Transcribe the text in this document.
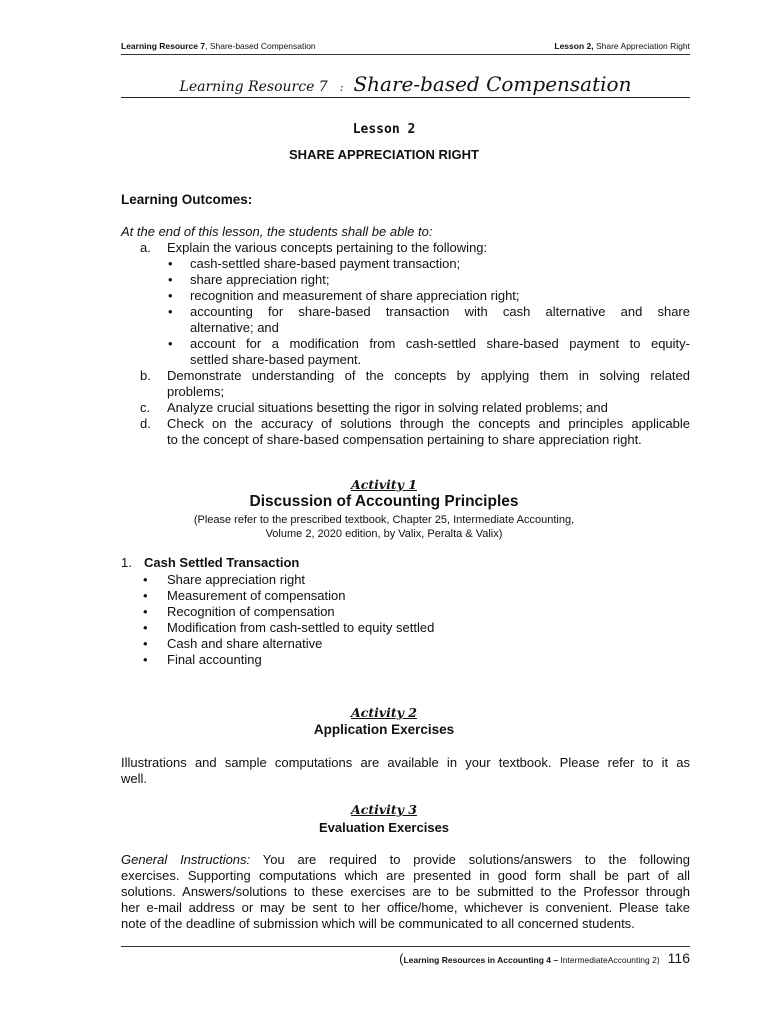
Learning Resource 7, Share-based Compensation	Lesson 2, Share Appreciation Right
Learning Resource 7 : Share-based Compensation
Lesson 2
SHARE APPRECIATION RIGHT
Learning Outcomes:
At the end of this lesson, the students shall be able to:
a. Explain the various concepts pertaining to the following:
• cash-settled share-based payment transaction;
• share appreciation right;
• recognition and measurement of share appreciation right;
• accounting for share-based transaction with cash alternative and share
alternative; and
• account for a modification from cash-settled share-based payment to equity-
settled share-based payment.
b. Demonstrate understanding of the concepts by applying them in solving related
problems;
c. Analyze crucial situations besetting the rigor in solving related problems; and
d. Check on the accuracy of solutions through the concepts and principles applicable
to the concept of share-based compensation pertaining to share appreciation right.
Activity 1
Discussion of Accounting Principles
(Please refer to the prescribed textbook, Chapter 25, Intermediate Accounting,
Volume 2, 2020 edition, by Valix, Peralta & Valix)
1. Cash Settled Transaction
• Share appreciation right
• Measurement of compensation
• Recognition of compensation
• Modification from cash-settled to equity settled
• Cash and share alternative
• Final accounting
Activity 2
Application Exercises
Illustrations and sample computations are available in your textbook. Please refer to it as
well.
Activity 3
Evaluation Exercises
General Instructions: You are required to provide solutions/answers to the following
exercises. Supporting computations which are presented in good form shall be part of all
solutions. Answers/solutions to these exercises are to be submitted to the Professor through
her e-mail address or may be sent to her office/home, whichever is convenient. Please take
note of the deadline of submission which will be communicated to all concerned students.
(Learning Resources in Accounting 4 – IntermediateAccounting 2) 116
